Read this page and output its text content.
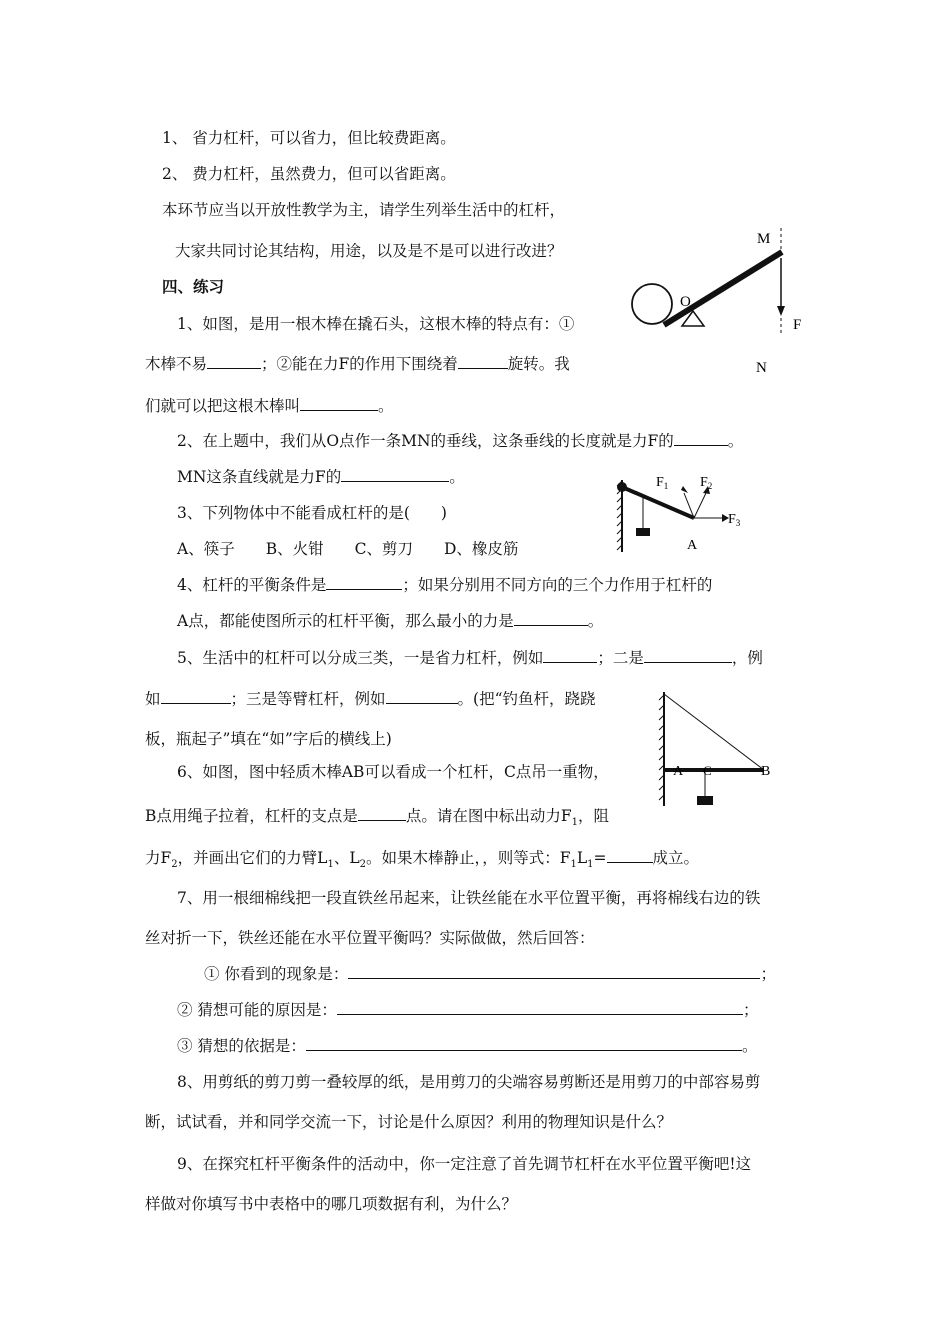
1、 省力杠杆，可以省力，但比较费距离。
2、 费力杠杆，虽然费力，但可以省距离。
本环节应当以开放性教学为主，请学生列举生活中的杠杆，
大家共同讨论其结构，用途，以及是不是可以进行改进？
四、练习
1、如图，是用一根木棒在撬石头，这根木棒的特点有：①
木棒不易	；②能在力F的作用下围绕着	旋转。我
们就可以把这根木棒叫	。
2、在上题中，我们从O点作一条MN的垂线，这条垂线的长度就是力F的	。
MN这条直线就是力F的	。
3、下列物体中不能看成杠杆的是(　　)
A、筷子　　B、火钳　　C、剪刀　　D、橡皮筋
4、杠杆的平衡条件是	；如果分别用不同方向的三个力作用于杠杆的
A点，都能使图所示的杠杆平衡，那么最小的力是	。
5、生活中的杠杆可以分成三类，一是省力杠杆，例如	；二是	，例
如	；三是等臂杠杆，例如	。(把“钓鱼杆，跷跷
板，瓶起子”填在“如”字后的横线上)
6、如图，图中轻质木棒AB可以看成一个杠杆，C点吊一重物，
B点用绳子拉着，杠杆的支点是	点。请在图中标出动力$F_1$，阻
力$F_2$，并画出它们的力臂$L_1$、$L_2$。如果木棒静止，，则等式：$F_1L_1=$	成立。
7、用一根细棉线把一段直铁丝吊起来，让铁丝能在水平位置平衡，再将棉线右边的铁
丝对折一下，铁丝还能在水平位置平衡吗？实际做做，然后回答：
① 你看到的现象是：	；
② 猜想可能的原因是：	；
③ 猜想的依据是：	。
8、用剪纸的剪刀剪一叠较厚的纸，是用剪刀的尖端容易剪断还是用剪刀的中部容易剪
断，试试看，并和同学交流一下，讨论是什么原因？利用的物理知识是什么？
9、在探究杠杆平衡条件的活动中，你一定注意了首先调节杠杆在水平位置平衡吧!这
样做对你填写书中表格中的哪几项数据有利，为什么？
M
O
F
N
$F_1$ $F_2$
$F_3$
A
A C	B
